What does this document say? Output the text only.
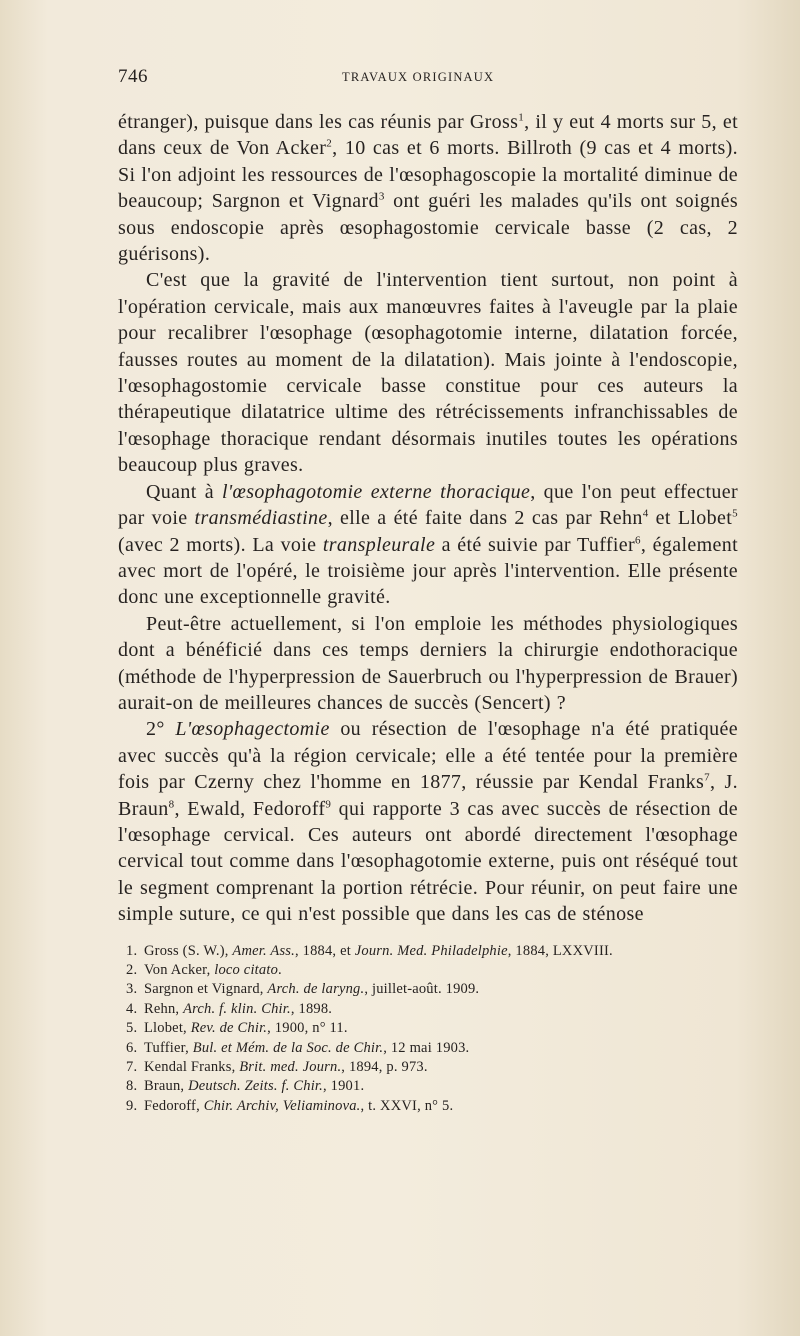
746	TRAVAUX ORIGINAUX

étranger), puisque dans les cas réunis par Gross$^1$, il y eut 4 morts sur 5, et dans ceux de Von Acker$^2$, 10 cas et 6 morts. Billroth (9 cas et 4 morts). Si l'on adjoint les ressources de l'œsophagoscopie la mortalité diminue de beaucoup; Sargnon et Vignard$^3$ ont guéri les malades qu'ils ont soignés sous endoscopie après œsophagostomie cervicale basse (2 cas, 2 guérisons).

C'est que la gravité de l'intervention tient surtout, non point à l'opération cervicale, mais aux manœuvres faites à l'aveugle par la plaie pour recalibrer l'œsophage (œsophagotomie interne, dilatation forcée, fausses routes au moment de la dilatation). Mais jointe à l'endoscopie, l'œsophagostomie cervicale basse constitue pour ces auteurs la thérapeutique dilatatrice ultime des rétrécissements infranchissables de l'œsophage thoracique rendant désormais inutiles toutes les opérations beaucoup plus graves.

Quant à l'œsophagotomie externe thoracique, que l'on peut effectuer par voie transmédiastine, elle a été faite dans 2 cas par Rehn$^4$ et Llobet$^5$ (avec 2 morts). La voie transpleurale a été suivie par Tuffier$^6$, également avec mort de l'opéré, le troisième jour après l'intervention. Elle présente donc une exceptionnelle gravité.

Peut-être actuellement, si l'on emploie les méthodes physiologiques dont a bénéficié dans ces temps derniers la chirurgie endothoracique (méthode de l'hyperpression de Sauerbruch ou l'hyperpression de Brauer) aurait-on de meilleures chances de succès (Sencert) ?

2° L'œsophagectomie ou résection de l'œsophage n'a été pratiquée avec succès qu'à la région cervicale; elle a été tentée pour la première fois par Czerny chez l'homme en 1877, réussie par Kendal Franks$^7$, J. Braun$^8$, Ewald, Fedoroff$^9$ qui rapporte 3 cas avec succès de résection de l'œsophage cervical. Ces auteurs ont abordé directement l'œsophage cervical tout comme dans l'œsophagotomie externe, puis ont réséqué tout le segment comprenant la portion rétrécie. Pour réunir, on peut faire une simple suture, ce qui n'est possible que dans les cas de sténose

1. Gross (S. W.), Amer. Ass., 1884, et Journ. Med. Philadelphie, 1884, LXXVIII.

2. Von Acker, loco citato.

3. Sargnon et Vignard, Arch. de laryng., juillet-août. 1909.

4. Rehn, Arch. f. klin. Chir., 1898.

5. Llobet, Rev. de Chir., 1900, n° 11.

6. Tuffier, Bul. et Mém. de la Soc. de Chir., 12 mai 1903.

7. Kendal Franks, Brit. med. Journ., 1894, p. 973.

8. Braun, Deutsch. Zeits. f. Chir., 1901.

9. Fedoroff, Chir. Archiv, Veliaminova., t. XXVI, n° 5.
